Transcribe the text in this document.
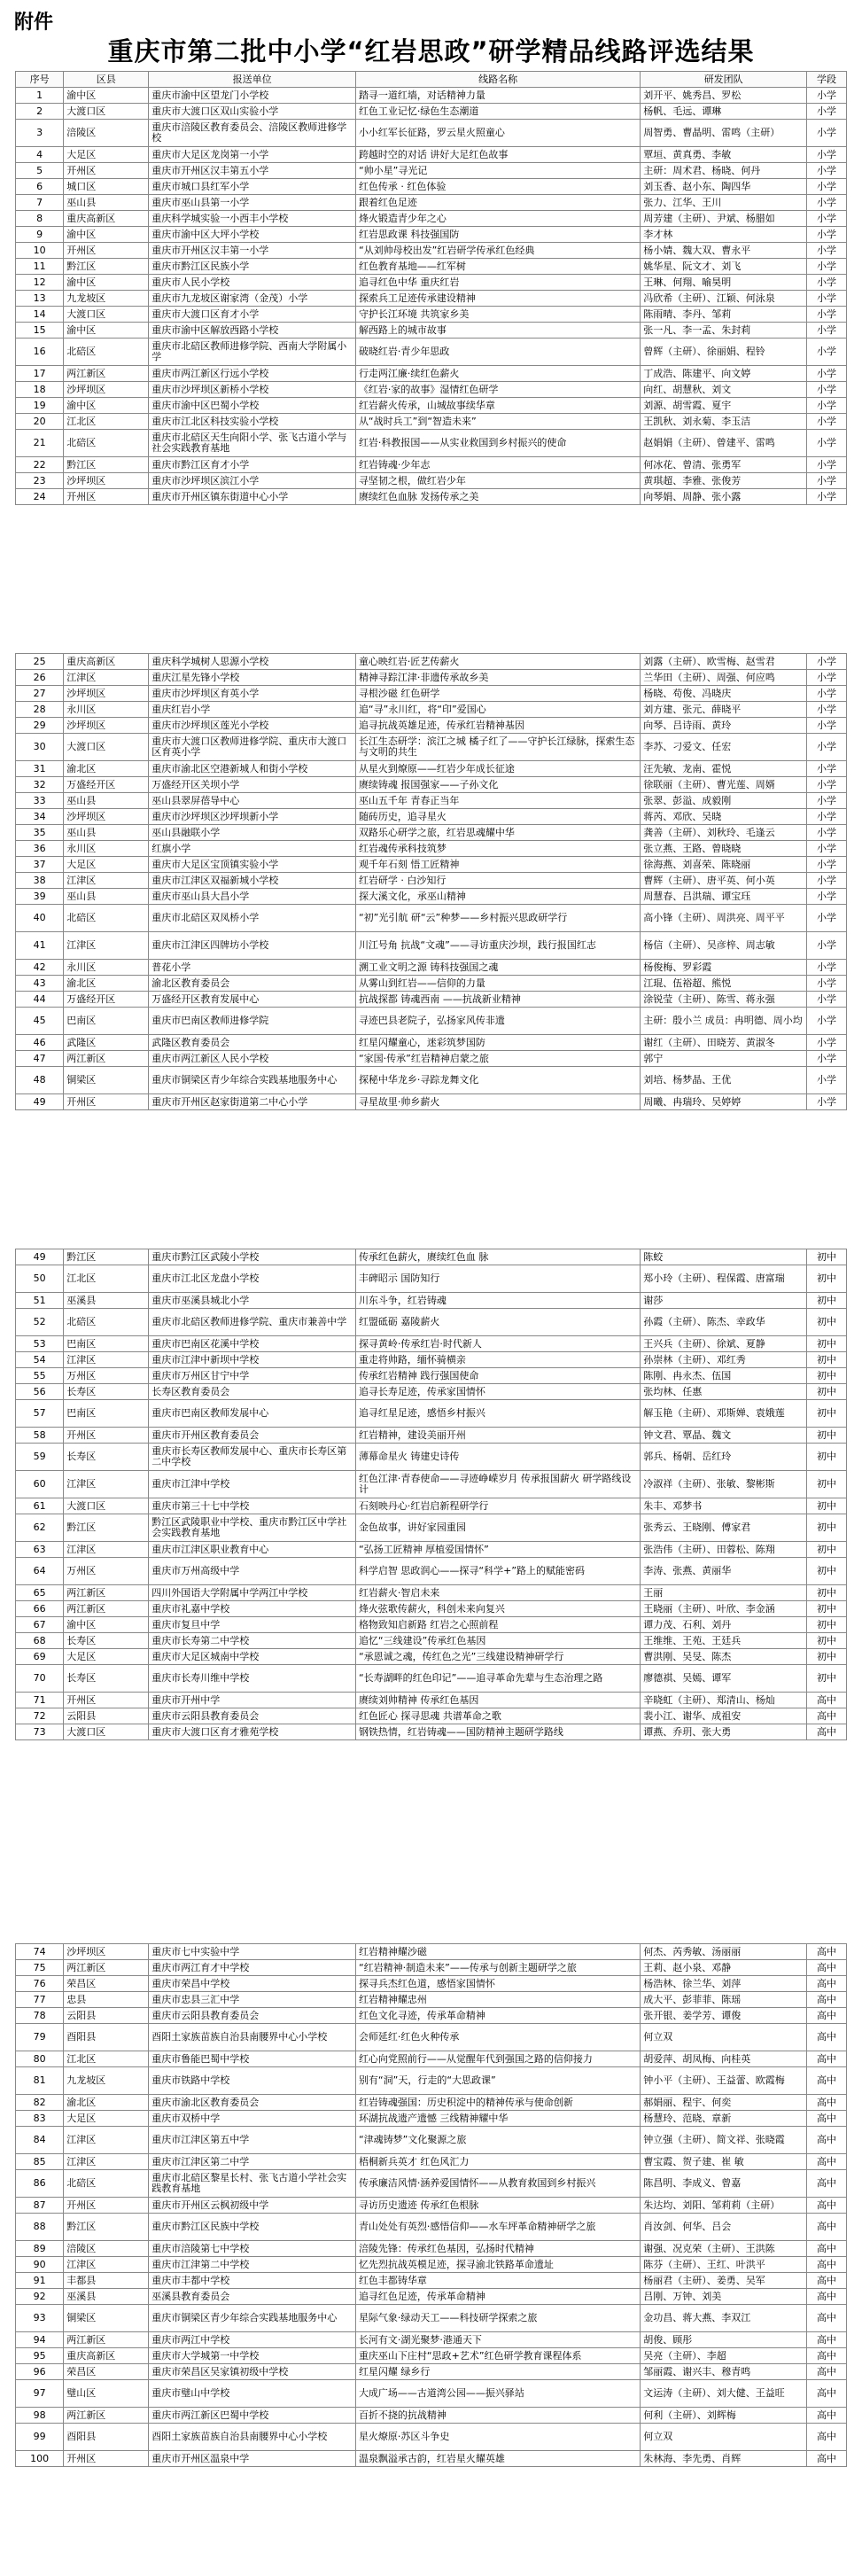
附件
重庆市第二批中小学“红岩思政”研学精品线路评选结果
序号	区县	报送单位	线路名称	研发团队	学段
1	渝中区	重庆市渝中区望龙门小学校	踏寻一道红墙，对话精神力量	刘开平、姚秀昌、罗松	小学
2	大渡口区	重庆市大渡口区双山实验小学	红色工业记忆·绿色生态潮道	杨帆、毛远、谭琳	小学
3	涪陵区	重庆市涪陵区教育委员会、涪陵区教师进修学校	小小红军长征路，罗云星火照童心	周智勇、曹晶明、雷鸣（主研）	小学
4	大足区	重庆市大足区龙岗第一小学	跨越时空的对话 讲好大足红色故事	覃垣、黄真勇、李敏	小学
5	开州区	重庆市开州区汉丰第五小学	“帅小星”寻光记	主研：周术君、杨晓、何丹	小学
6	城口区	重庆市城口县红军小学	红色传承 · 红色体验	刘玉香、赵小东、陶四华	小学
7	巫山县	重庆市巫山县第一小学	跟着红色足迹	张力、江华、王川	小学
8	重庆高新区	重庆科学城实验一小西丰小学校	烽火锻造青少年之心	周芳建（主研）、尹斌、杨腊如	小学
9	渝中区	重庆市渝中区大坪小学校	红岩思政课 科技强国防	李才林	小学
10	开州区	重庆市开州区汉丰第一小学	“从刘帅母校出发”红岩研学传承红色经典	杨小婧、魏大双、曹永平	小学
11	黔江区	重庆市黔江区民族小学	红色教育基地——红军树	姚华星、阮文才、刘飞	小学
12	渝中区	重庆市人民小学校	追寻红色中华 重庆红岩	王琳、何翔、喻昊明	小学
13	九龙坡区	重庆市九龙坡区谢家湾（金茂）小学	探索兵工足迹传承建设精神	冯欣希（主研）、江颖、何泳泉	小学
14	大渡口区	重庆市大渡口区育才小学	守护长江环境 共筑家乡美	陈雨晴、李丹、邹莉	小学
15	渝中区	重庆市渝中区解放西路小学校	解西路上的城市故事	张一凡、李一孟、朱封莉	小学
16	北碚区	重庆市北碚区教师进修学院、西南大学附属小学	破晓红岩·青少年思政	曾辉（主研）、徐丽娟、程铃	小学
17	两江新区	重庆市两江新区行远小学校	行走两江廉·续红色薪火	丁成浩、陈建平、向文婷	小学
18	沙坪坝区	重庆市沙坪坝区新桥小学校	《红岩·家的故事》湿情红色研学	向红、胡慧秋、刘文	小学
19	渝中区	重庆市渝中区巴蜀小学校	红岩薪火传承，山城故事续华章	刘源、胡雪霞、夏宇	小学
20	江北区	重庆市江北区科技实验小学校	从“战时兵工”到“智造未来”	王凯秋、刘永菊、李玉洁	小学
21	北碚区	重庆市北碚区天生向阳小学、张飞古道小学与社会实践教育基地	红岩·科教报国——从实业救国到乡村振兴的使命	赵娟娟（主研）、曾建平、雷鸣	小学
22	黔江区	重庆市黔江区育才小学	红岩铸魂·少年志	何冰花、曾清、张勇军	小学
23	沙坪坝区	重庆市沙坪坝区滨江小学	寻坚韧之根，做红岩少年	黄琪超、李雅、张俊芳	小学
24	开州区	重庆市开州区镇东街道中心小学	赓续红色血脉 发扬传承之美	向琴娟、周静、张小露	小学
25	重庆高新区	重庆科学城树人思源小学校	童心映红岩·匠艺传薪火	刘露（主研）、欧雪梅、赵雪君	小学
26	江津区	重庆江星先锋小学校	精神寻踪江津·非遗传承故乡美	兰华田（主研）、周强、何应鸣	小学
27	沙坪坝区	重庆市沙坪坝区育英小学	寻根沙磁 红色研学	杨晓、苟俊、冯晓庆	小学
28	永川区	重庆红岩小学	追“寻”永川红，将“印”爱国心	刘方建、张元、薛晓平	小学
29	沙坪坝区	重庆市沙坪坝区莲光小学校	追寻抗战英雄足迹，传承红岩精神基因	向琴、吕诗雨、黄玲	小学
30	大渡口区	重庆市大渡口区教师进修学院、重庆市大渡口区育英小学	长江生态研学：滨江之城 橘子红了——守护长江绿脉，探索生态与文明的共生	李苏、刁爱文、任宏	小学
31	渝北区	重庆市渝北区空港新城人和街小学校	从星火到燎原——红岩少年成长征途	汪先敏、龙南、霍悦	小学
32	万盛经开区	万盛经开区关坝小学	赓续铸魂 报国强家——子孙文化	徐联丽（主研）、曹光莲、周婿	小学
33	巫山县	巫山县翠屏蓓导中心	巫山五千年 青春正当年	张翠、彭溢、成毅刚	小学
34	沙坪坝区	重庆市沙坪坝区沙坪坝新小学	随砖历史，追寻星火	蒋芮、邓欣、吴晓	小学
35	巫山县	巫山县融联小学	双路乐心研学之旅，红岩思魂耀中华	龚善（主研）、刘秋玲、毛逢云	小学
36	永川区	红旗小学	红岩魂传承科技筑梦	张立燕、王路、曾晓晓	小学
37	大足区	重庆市大足区宝顶镇实验小学	观千年石刻 悟工匠精神	徐海燕、刘喜荣、陈晓丽	小学
38	江津区	重庆市江津区双福新城小学校	红岩研学 · 白沙知行	曹辉（主研）、唐平英、何小英	小学
39	巫山县	重庆市巫山县大昌小学	探大溪文化，承巫山精神	周慧春、吕洪瑞、谭宝珏	小学
40	北碚区	重庆市北碚区双凤桥小学	“初”光引航 研“云”种梦——乡村振兴思政研学行	高小锋（主研）、周洪亮、周平平	小学
41	江津区	重庆市江津区四牌坊小学校	川江号角 抗战“文魂”——寻访重庆沙坝，践行报国红志	杨信（主研）、吴彦梓、周志敏	小学
42	永川区	普花小学	溯工业文明之源 铸科技强国之魂	杨俊梅、罗彩霞	小学
43	渝北区	渝北区教育委员会	从雾山到红岩——信仰的力量	江琨、伍裕超、熊悦	小学
44	万盛经开区	万盛经开区教育发展中心	抗战探都 铸魂西南 ——抗战新业精神	涂锐莹（主研）、陈雪、蒋永强	小学
45	巴南区	重庆市巴南区教师进修学院	寻迹巴县老院子，弘扬家风传非遗	主研：殷小兰 成员：冉明德、周小均	小学
46	武隆区	武隆区教育委员会	红星闪耀童心，迷彩筑梦国防	谢红（主研）、田晓芳、黄淑冬	小学
47	两江新区	重庆市两江新区人民小学校	“家国·传承”红岩精神启蒙之旅	郭宁	小学
48	铜梁区	重庆市铜梁区青少年综合实践基地服务中心	探秘中华龙乡·寻踪龙舞文化	刘培、杨梦晶、王优	小学
49	开州区	重庆市开州区赵家街道第二中心小学	寻星故里·帅乡薪火	周曦、冉瑞玲、吴婷婷	小学
49	黔江区	重庆市黔江区武陵小学校	传承红色薪火，赓续红色血 脉	陈蛟	初中
50	江北区	重庆市江北区龙盘小学校	丰碑昭示 国防知行	郑小玲（主研）、程保霞、唐富瑞	初中
51	巫溪县	重庆市巫溪县城北小学	川东斗争，红岩铸魂	谢莎	初中
52	北碚区	重庆市北碚区教师进修学院、重庆市兼善中学	红盟砥砺 嘉陵薪火	孙霞（主研）、陈杰、幸政华	初中
53	巴南区	重庆市巴南区花溪中学校	探寻黄岭·传承红岩·时代新人	王兴兵（主研）、徐斌、夏静	初中
54	江津区	重庆市江津中新坝中学校	重走将帅路，缅怀骑横亲	孙崇林（主研）、邓红秀	初中
55	万州区	重庆市万州区甘宁中学	传承红岩精神 践行强国使命	陈刚、冉永杰、伍国	初中
56	长寿区	长寿区教育委员会	追寻长寿足迹，传承家国情怀	张均林、任惠	初中
57	巴南区	重庆市巴南区教师发展中心	追寻红星足迹，感悟乡村振兴	解玉艳（主研）、邓斯婵、袁娥莲	初中
58	开州区	重庆市开州区教育委员会	红岩精神，建设美丽开州	钟文君、覃晶、魏文	初中
59	长寿区	重庆市长寿区教师发展中心、重庆市长寿区第二中学校	薄幕命星火 铸建史诗传	郭兵、杨朝、岳红玲	初中
60	江津区	重庆市江津中学校	红色江津·青春使命——寻迹峥嵘岁月 传承报国薪火 研学路线设计	冷淑祥（主研）、张敏、黎彬斯	初中
61	大渡口区	重庆市第三十七中学校	石刻映丹心·红岩启新程研学行	朱丰、邓梦书	初中
62	黔江区	黔江区武陵职业中学校、重庆市黔江区中学社会实践教育基地	金色故事，讲好家园重园	张秀云、王晓刚、傅家君	初中
63	江津区	重庆市江津区职业教育中心	“弘扬工匠精神 厚植爱国情怀”	张浩伟（主研）、田蓉松、陈翔	初中
64	万州区	重庆市万州高级中学	科学启智 思政润心——探寻“科学+”路上的赋能密码	李涛、张燕、黄丽华	初中
65	两江新区	四川外国语大学附属中学两江中学校	红岩薪火·智启未来	王丽	初中
66	两江新区	重庆市礼嘉中学校	烽火弦歌传薪火，科创未来向复兴	王晓丽（主研）、叶欣、李金涵	初中
67	渝中区	重庆市复旦中学	格物致知启新路 红岩之心照前程	谭力茂、石利、刘丹	初中
68	长寿区	重庆市长寿第二中学校	追忆“三线建设”传承红色基因	王维维、王苑、王廷兵	初中
69	大足区	重庆市大足区城南中学校	“承恩诚之魂，传红色之光”三线建设精神研学行	曹洪刚、吴旻、陈杰	初中
70	长寿区	重庆市长寿川维中学校	“长寿湖畔的红色印记”——追寻革命先辈与生态治理之路	廖德祺、吴嫣、谭军	初中
71	开州区	重庆市开州中学	赓续刘帅精神 传承红色基因	辛晓虹（主研）、郑清山、杨灿	高中
72	云阳县	重庆市云阳县教育委员会	红色匠心 探寻思魂 共谱革命之歌	裴小江、谢华、成祖安	高中
73	大渡口区	重庆市大渡口区育才雅苑学校	钢铁热情，红岩铸魂——国防精神主题研学路线	谭燕、乔玥、张大勇	高中
74	沙坪坝区	重庆市七中实验中学	红岩精神耀沙磁	何杰、芮秀敏、汤丽丽	高中
75	两江新区	重庆市两江育才中学校	“红岩精神·制造未来”——传承与创新主题研学之旅	王莉、赵小泉、邓静	高中
76	荣昌区	重庆市荣昌中学校	探寻兵杰红色道，感悟家国情怀	杨浩林、徐兰华、刘萍	高中
77	忠县	重庆市忠县三汇中学	红岩精神耀忠州	成大平、彭菲菲、陈瑶	高中
78	云阳县	重庆市云阳县教育委员会	红色文化寻迹，传承革命精神	张开银、姜学芳、谭俊	高中
79	酉阳县	酉阳土家族苗族自治县南腰界中心小学校	会师延红·红色火种传承	何立双	高中
80	江北区	重庆市鲁能巴蜀中学校	红心向党照前行——从觉醒年代到强国之路的信仰接力	胡爱萍、胡凤梅、向桂英	高中
81	九龙坡区	重庆市铁路中学校	别有“洞”天，行走的“大思政课”	钟小平（主研）、王益蕾、欧霞梅	高中
82	渝北区	重庆市渝北区教育委员会	红岩铸魂强国：历史积淀中的精神传承与使命创新	郝娟丽、程宇、何奕	高中
83	大足区	重庆市双桥中学	环湖抗战遗产遗憾 三线精神耀中华	杨慧玲、范晓、章新	高中
84	江津区	重庆市江津区第五中学	“津魂铸梦”文化聚源之旅	钟立强（主研）、简文祥、张晓霞	高中
85	江津区	重庆市江津区第二中学	梧桐新兵英才 红色风汇力	曹宝霞、贺子建、崔 敏	高中
86	北碚区	重庆市北碚区黎星长村、张飞古道小学社会实践教育基地	传承廉洁风情·涵养爱国情怀——从教育救国到乡村振兴	陈昌明、李成义、曾嘉	高中
87	开州区	重庆市开州区云枫初级中学	寻访历史遗迹 传承红色根脉	朱达均、刘阳、邹莉莉（主研）	高中
88	黔江区	重庆市黔江区民族中学校	青山处处有英烈·感悟信仰——水车坪革命精神研学之旅	肖汝剑、何华、吕会	高中
89	涪陵区	重庆市涪陵第七中学校	涪陵先锋：传承红色基因，弘扬时代精神	谢强、况克荣（主研）、王洪陈	高中
90	江津区	重庆市江津第二中学校	忆先烈抗战英模足迹，探寻渝北铁路革命遗址	陈芬（主研）、王红、叶洪平	高中
91	丰都县	重庆市丰都中学校	红色丰都铸华章	杨丽君（主研）、姜勇、吴军	高中
92	巫溪县	巫溪县教育委员会	追寻红色足迹，传承革命精神	吕刚、万钟、刘美	高中
93	铜梁区	重庆市铜梁区青少年综合实践基地服务中心	星际气象·绿动天工——科技研学探索之旅	金功昌、蒋大燕、李双江	高中
94	两江新区	重庆市两江中学校	长河有文·湖光聚梦·港通天下	胡俊、顾彤	高中
95	重庆高新区	重庆市大学城第一中学校	重庆巫山下庄村“思政+艺术”红色研学教育课程体系	吴亮（主研）、李超	高中
96	荣昌区	重庆市荣昌区吴家镇初级中学校	红星闪耀 绿乡行	邹丽霞、谢兴丰、穆青鸣	高中
97	璧山区	重庆市璧山中学校	大成广场——古道湾公园——振兴驿站	文运涛（主研）、刘大健、王益旺	高中
98	两江新区	重庆市两江新区巴蜀中学校	百折不挠的抗战精神	何利（主研）、刘辉梅	高中
99	酉阳县	酉阳土家族苗族自治县南腰界中心小学校	星火燎原·苏区斗争史	何立双	高中
100	开州区	重庆市开州区温泉中学	温泉飘溢承古韵，红岩星火耀英雄	朱林海、李先勇、肖辉	高中
